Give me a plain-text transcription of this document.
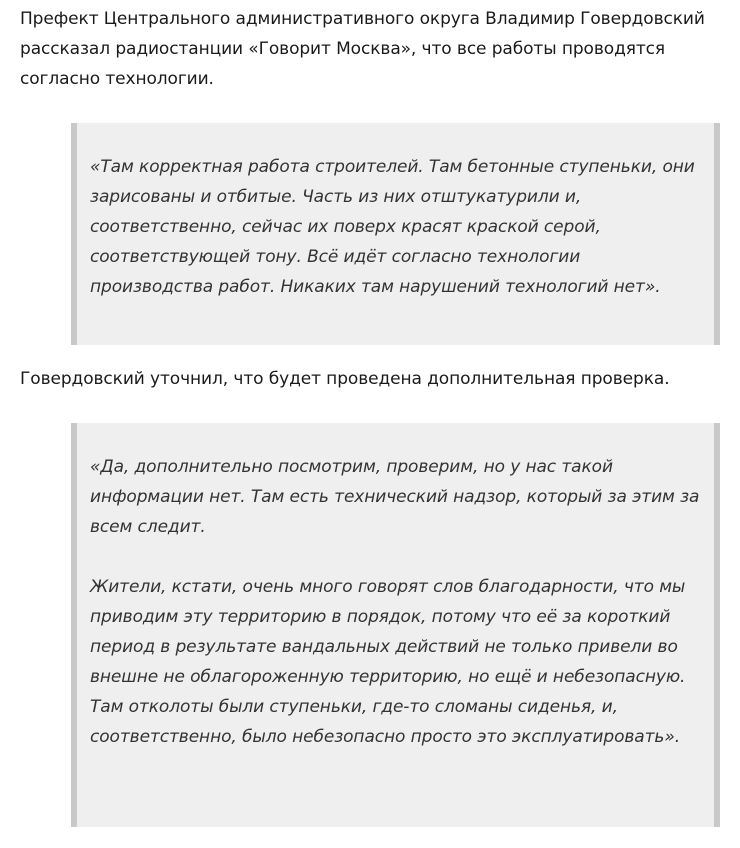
Префект Центрального административного округа Владимир Говердовский рассказал радиостанции «Говорит Москва», что все работы проводятся согласно технологии.

«Там корректная работа строителей. Там бетонные ступеньки, они зарисованы и отбитые. Часть из них отштукатурили и, соответственно, сейчас их поверх красят краской серой, соответствующей тону. Всё идёт согласно технологии производства работ. Никаких там нарушений технологий нет».

Говердовский уточнил, что будет проведена дополнительная проверка.

«Да, дополнительно посмотрим, проверим, но у нас такой информации нет. Там есть технический надзор, который за этим за всем следит.

Жители, кстати, очень много говорят слов благодарности, что мы приводим эту территорию в порядок, потому что её за короткий период в результате вандальных действий не только привели во внешне не облагороженную территорию, но ещё и небезопасную. Там отколоты были ступеньки, где-то сломаны сиденья, и, соответственно, было небезопасно просто это эксплуатировать».
